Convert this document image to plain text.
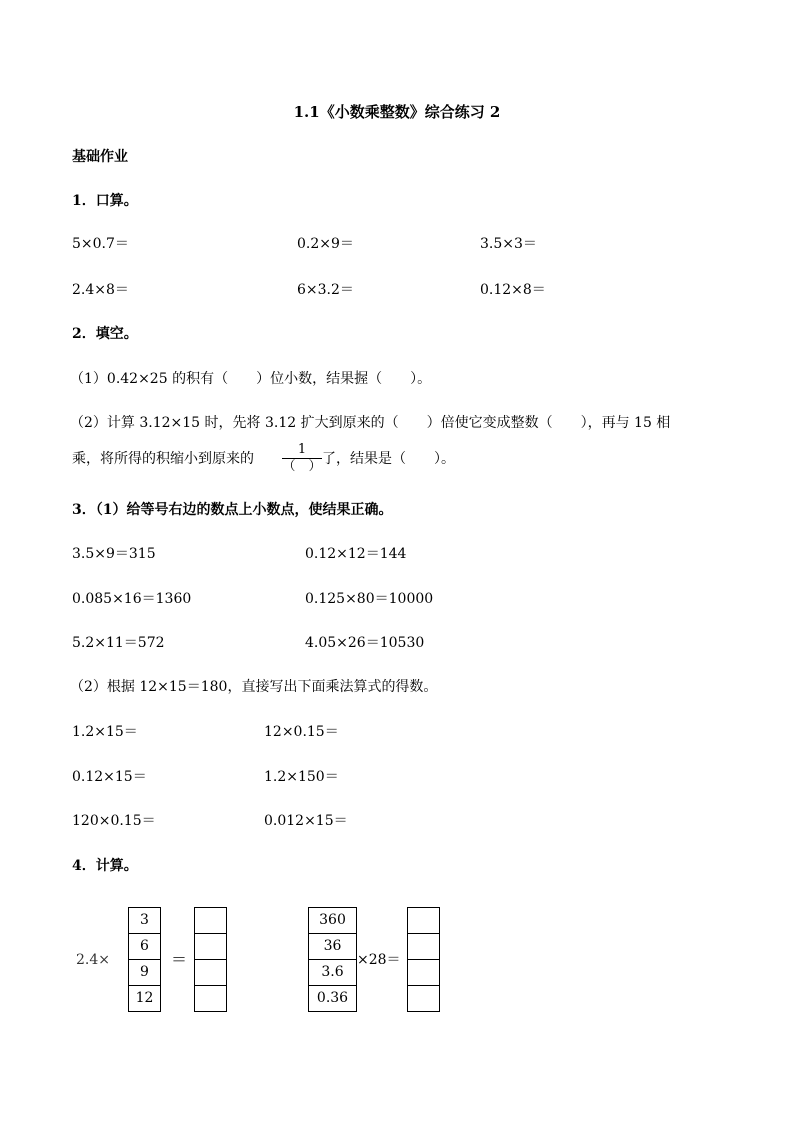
1.1《小数乘整数》综合练习 2
基础作业
1．口算。
5×0.7＝	0.2×9＝	3.5×3＝
2.4×8＝	6×3.2＝	0.12×8＝
2．填空。
（1）0.42×25 的积有（　　）位小数，结果握（　　）。
（2）计算 3.12×15 时，先将 3.12 扩大到原来的（　　）倍使它变成整数（　　），再与 15 相
乘，将所得的积缩小到原来的
1
（　） 了，结果是（　　）。
3．（1）给等号右边的数点上小数点，使结果正确。
3.5×9＝315	0.12×12＝144
0.085×16＝1360	0.125×80＝10000
5.2×11＝572	4.05×26＝10530
（2）根据 12×15＝180，直接写出下面乘法算式的得数。
1.2×15＝	12×0.15＝
0.12×15＝	1.2×150＝
120×0.15＝	0.012×15＝
4．计算。
2.4×
3
6
9
12
＝
360
36
3.6
0.36
×28＝
